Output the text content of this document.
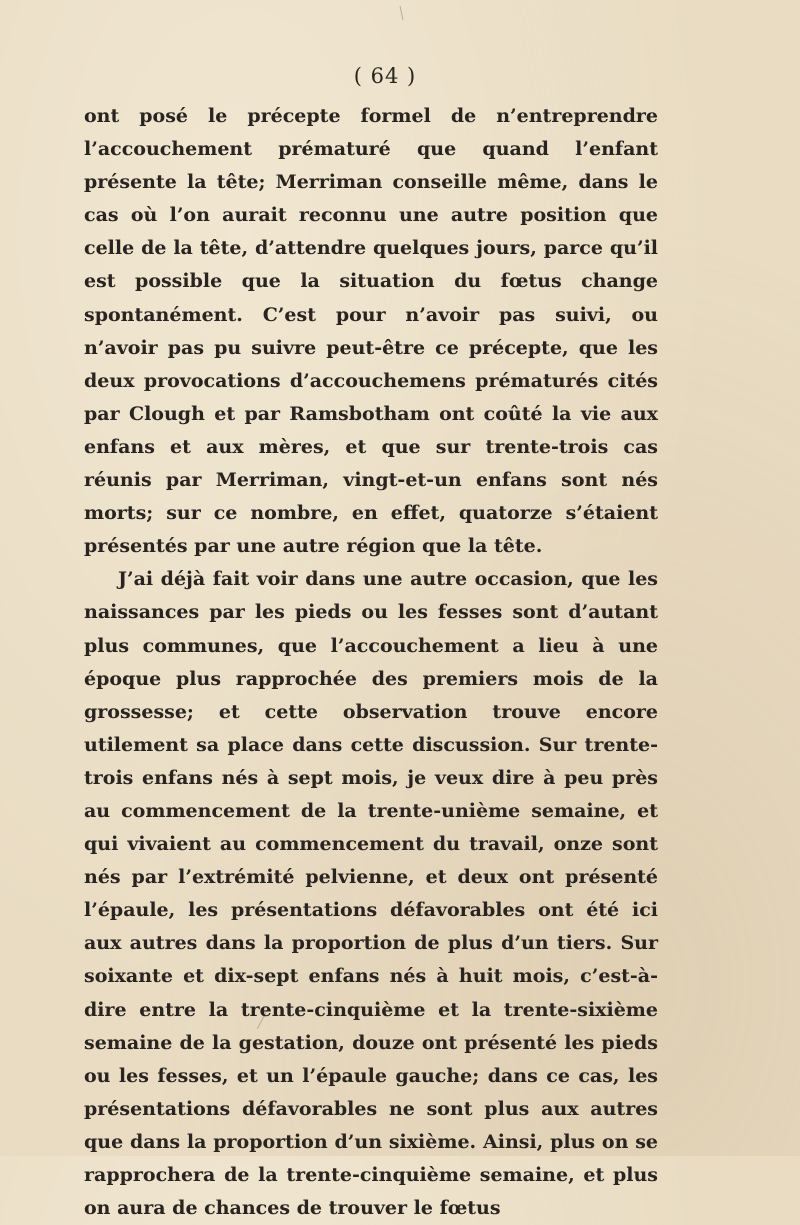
( 64 )

ont posé le précepte formel de n’entreprendre l’accouchement prématuré que quand l’enfant présente la tête; Merriman conseille même, dans le cas où l’on aurait reconnu une autre position que celle de la tête, d’attendre quelques jours, parce qu’il est possible que la situation du fœtus change spontanément. C’est pour n’avoir pas suivi, ou n’avoir pas pu suivre peut-être ce précepte, que les deux provocations d’accouchemens prématurés cités par Clough et par Ramsbotham ont coûté la vie aux enfans et aux mères, et que sur trente-trois cas réunis par Merriman, vingt-et-un enfans sont nés morts; sur ce nombre, en effet, quatorze s’étaient présentés par une autre région que la tête.

J’ai déjà fait voir dans une autre occasion, que les naissances par les pieds ou les fesses sont d’autant plus communes, que l’accouchement a lieu à une époque plus rapprochée des premiers mois de la grossesse; et cette observation trouve encore utilement sa place dans cette discussion. Sur trente-trois enfans nés à sept mois, je veux dire à peu près au commencement de la trente-unième semaine, et qui vivaient au commencement du travail, onze sont nés par l’extrémité pelvienne, et deux ont présenté l’épaule, les présentations défavorables ont été ici aux autres dans la proportion de plus d’un tiers. Sur soixante et dix-sept enfans nés à huit mois, c’est-à-dire entre la trente-cinquième et la trente-sixième semaine de la gestation, douze ont présenté les pieds ou les fesses, et un l’épaule gauche; dans ce cas, les présentations défavorables ne sont plus aux autres que dans la proportion d’un sixième. Ainsi, plus on se rapprochera de la trente-cinquième semaine, et plus on aura de chances de trouver le fœtus
